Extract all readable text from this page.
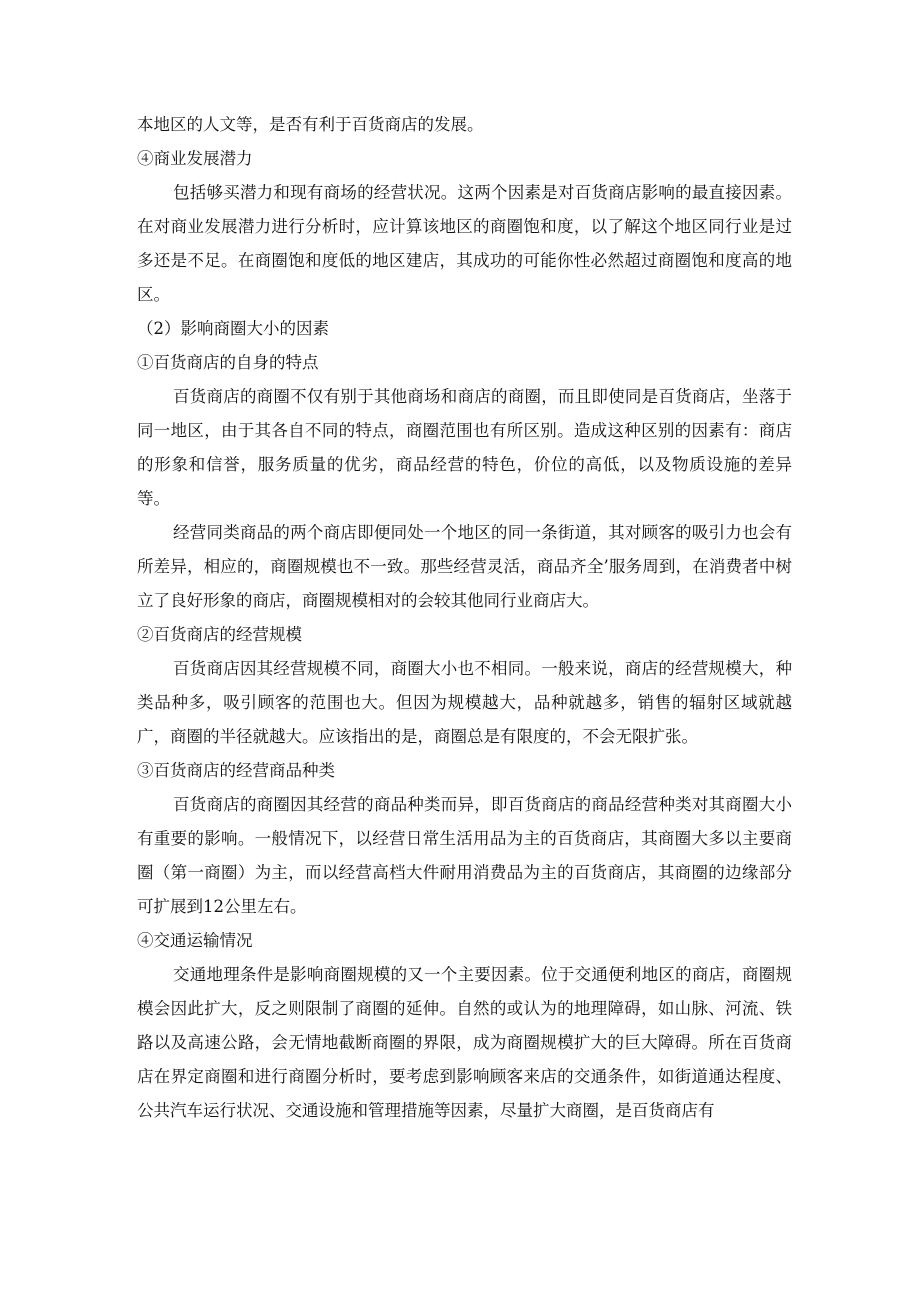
本地区的人文等，是否有利于百货商店的发展。

④商业发展潜力

包括够买潜力和现有商场的经营状况。这两个因素是对百货商店影响的最直接因素。在对商业发展潜力进行分析时，应计算该地区的商圈饱和度，以了解这个地区同行业是过多还是不足。在商圈饱和度低的地区建店，其成功的可能你性必然超过商圈饱和度高的地区。

（2）影响商圈大小的因素

①百货商店的自身的特点

百货商店的商圈不仅有别于其他商场和商店的商圈，而且即使同是百货商店，坐落于同一地区，由于其各自不同的特点，商圈范围也有所区别。造成这种区别的因素有：商店的形象和信誉，服务质量的优劣，商品经营的特色，价位的高低，以及物质设施的差异等。

经营同类商品的两个商店即便同处一个地区的同一条街道，其对顾客的吸引力也会有所差异，相应的，商圈规模也不一致。那些经营灵活，商品齐全’服务周到，在消费者中树立了良好形象的商店，商圈规模相对的会较其他同行业商店大。

②百货商店的经营规模

百货商店因其经营规模不同，商圈大小也不相同。一般来说，商店的经营规模大，种类品种多，吸引顾客的范围也大。但因为规模越大，品种就越多，销售的辐射区域就越广，商圈的半径就越大。应该指出的是，商圈总是有限度的，不会无限扩张。

③百货商店的经营商品种类

百货商店的商圈因其经营的商品种类而异，即百货商店的商品经营种类对其商圈大小有重要的影响。一般情况下，以经营日常生活用品为主的百货商店，其商圈大多以主要商圈（第一商圈）为主，而以经营高档大件耐用消费品为主的百货商店，其商圈的边缘部分可扩展到12公里左右。

④交通运输情况

交通地理条件是影响商圈规模的又一个主要因素。位于交通便利地区的商店，商圈规模会因此扩大，反之则限制了商圈的延伸。自然的或认为的地理障碍，如山脉、河流、铁路以及高速公路，会无情地截断商圈的界限，成为商圈规模扩大的巨大障碍。所在百货商店在界定商圈和进行商圈分析时，要考虑到影响顾客来店的交通条件，如街道通达程度、公共汽车运行状况、交通设施和管理措施等因素，尽量扩大商圈，是百货商店有
